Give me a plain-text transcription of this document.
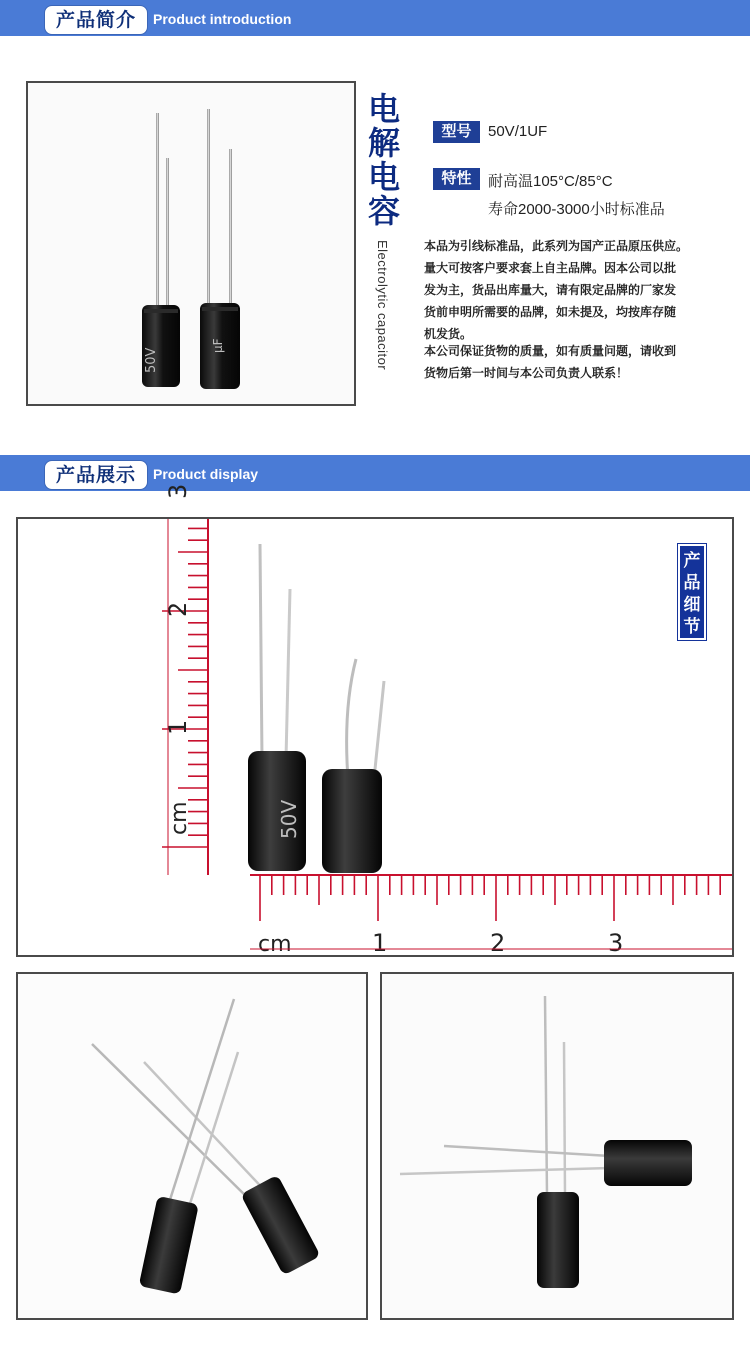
产品简介	Product introduction
50V
µF
电
解
电
容
Electrolytic capacitor
型号	50V/1UF
特性	耐高温105°C/85°C
寿命2000-3000小时标准品
本品为引线标准品，此系列为国产正品原压供应。
量大可按客户要求套上自主品牌。因本公司以批
发为主，货品出库量大，请有限定品牌的厂家发
货前申明所需要的品牌，如未提及，均按库存随
机发货。
本公司保证货物的质量，如有质量问题，请收到
货物后第一时间与本公司负责人联系！
产品展示	Product display
cm	1	2	3
cm
1
2
3
50V
产
品
细
节
